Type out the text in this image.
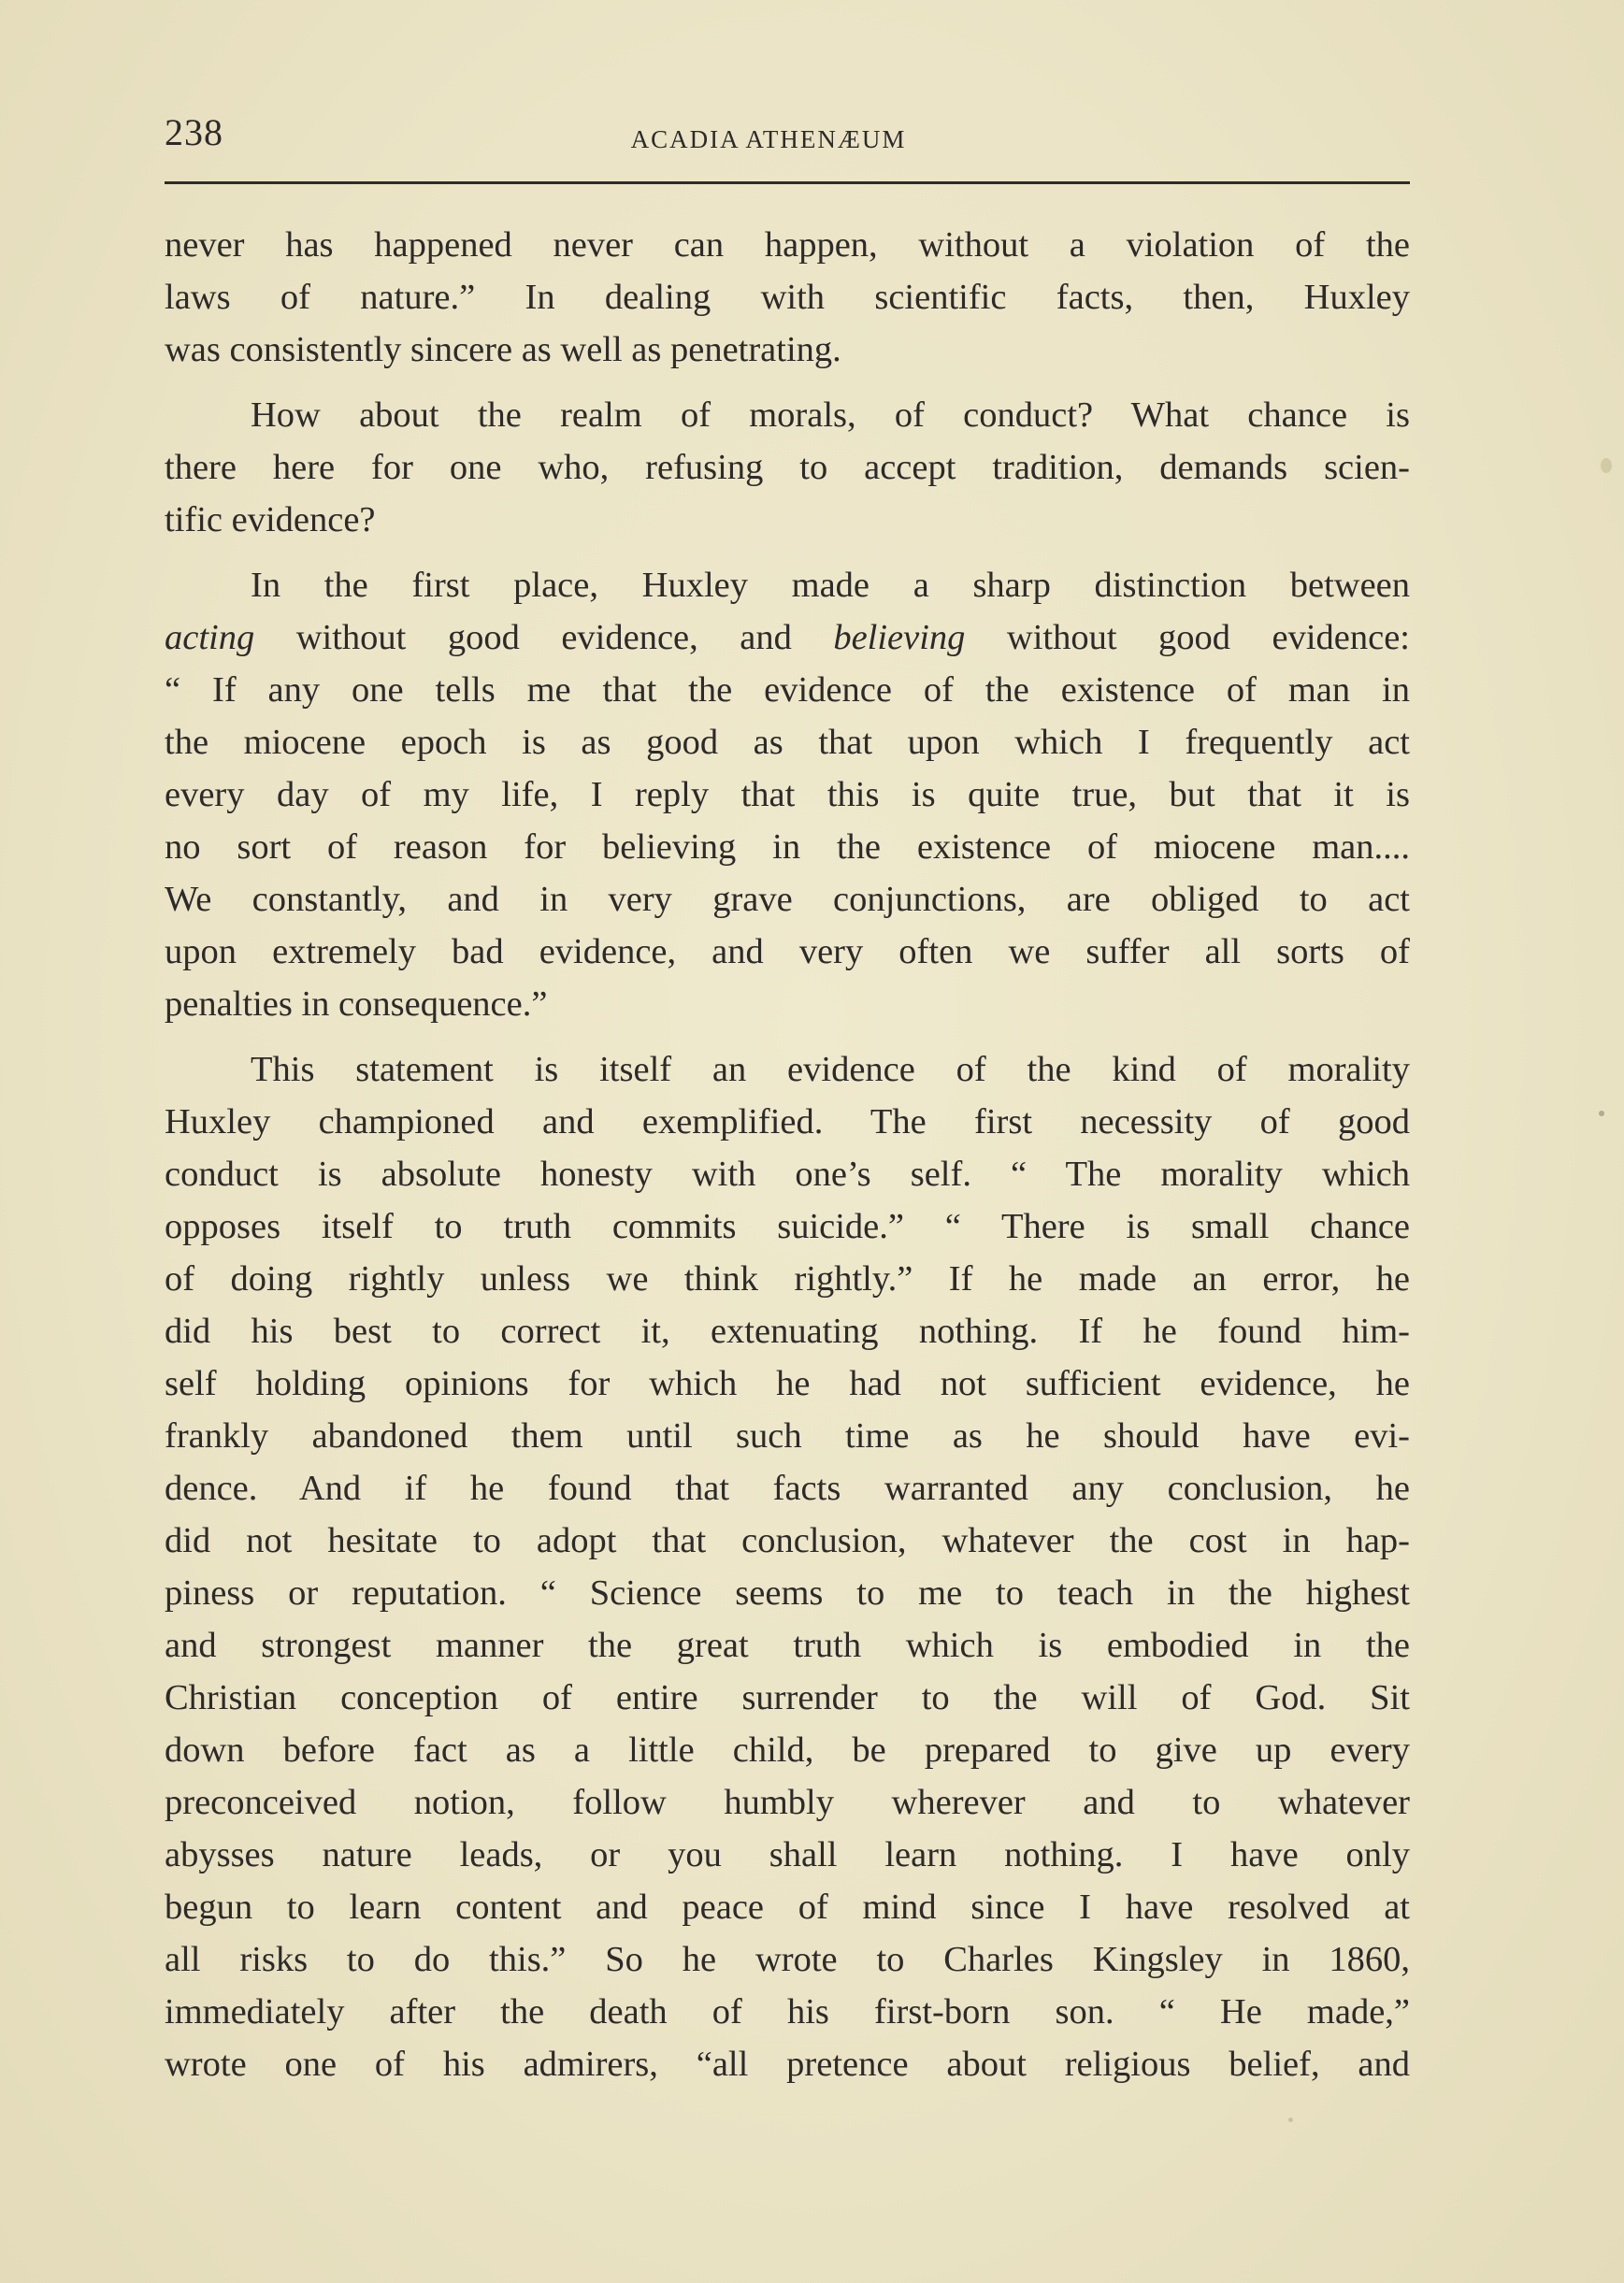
238	ACADIA ATHENÆUM
never has happened never can happen, without a violation of the
laws of nature.” In dealing with scientific facts, then, Huxley
was consistently sincere as well as penetrating.
How about the realm of morals, of conduct? What chance is
there here for one who, refusing to accept tradition, demands scien-
tific evidence?
In the first place, Huxley made a sharp distinction between
acting without good evidence, and believing without good evidence:
“ If any one tells me that the evidence of the existence of man in
the miocene epoch is as good as that upon which I frequently act
every day of my life, I reply that this is quite true, but that it is
no sort of reason for believing in the existence of miocene man....
We constantly, and in very grave conjunctions, are obliged to act
upon extremely bad evidence, and very often we suffer all sorts of
penalties in consequence.”
This statement is itself an evidence of the kind of morality
Huxley championed and exemplified. The first necessity of good
conduct is absolute honesty with one’s self. “ The morality which
opposes itself to truth commits suicide.” “ There is small chance
of doing rightly unless we think rightly.” If he made an error, he
did his best to correct it, extenuating nothing. If he found him-
self holding opinions for which he had not sufficient evidence, he
frankly abandoned them until such time as he should have evi-
dence. And if he found that facts warranted any conclusion, he
did not hesitate to adopt that conclusion, whatever the cost in hap-
piness or reputation. “ Science seems to me to teach in the highest
and strongest manner the great truth which is embodied in the
Christian conception of entire surrender to the will of God. Sit
down before fact as a little child, be prepared to give up every
preconceived notion, follow humbly wherever and to whatever
abysses nature leads, or you shall learn nothing. I have only
begun to learn content and peace of mind since I have resolved at
all risks to do this.” So he wrote to Charles Kingsley in 1860,
immediately after the death of his first-born son. “ He made,”
wrote one of his admirers, “all pretence about religious belief, and
